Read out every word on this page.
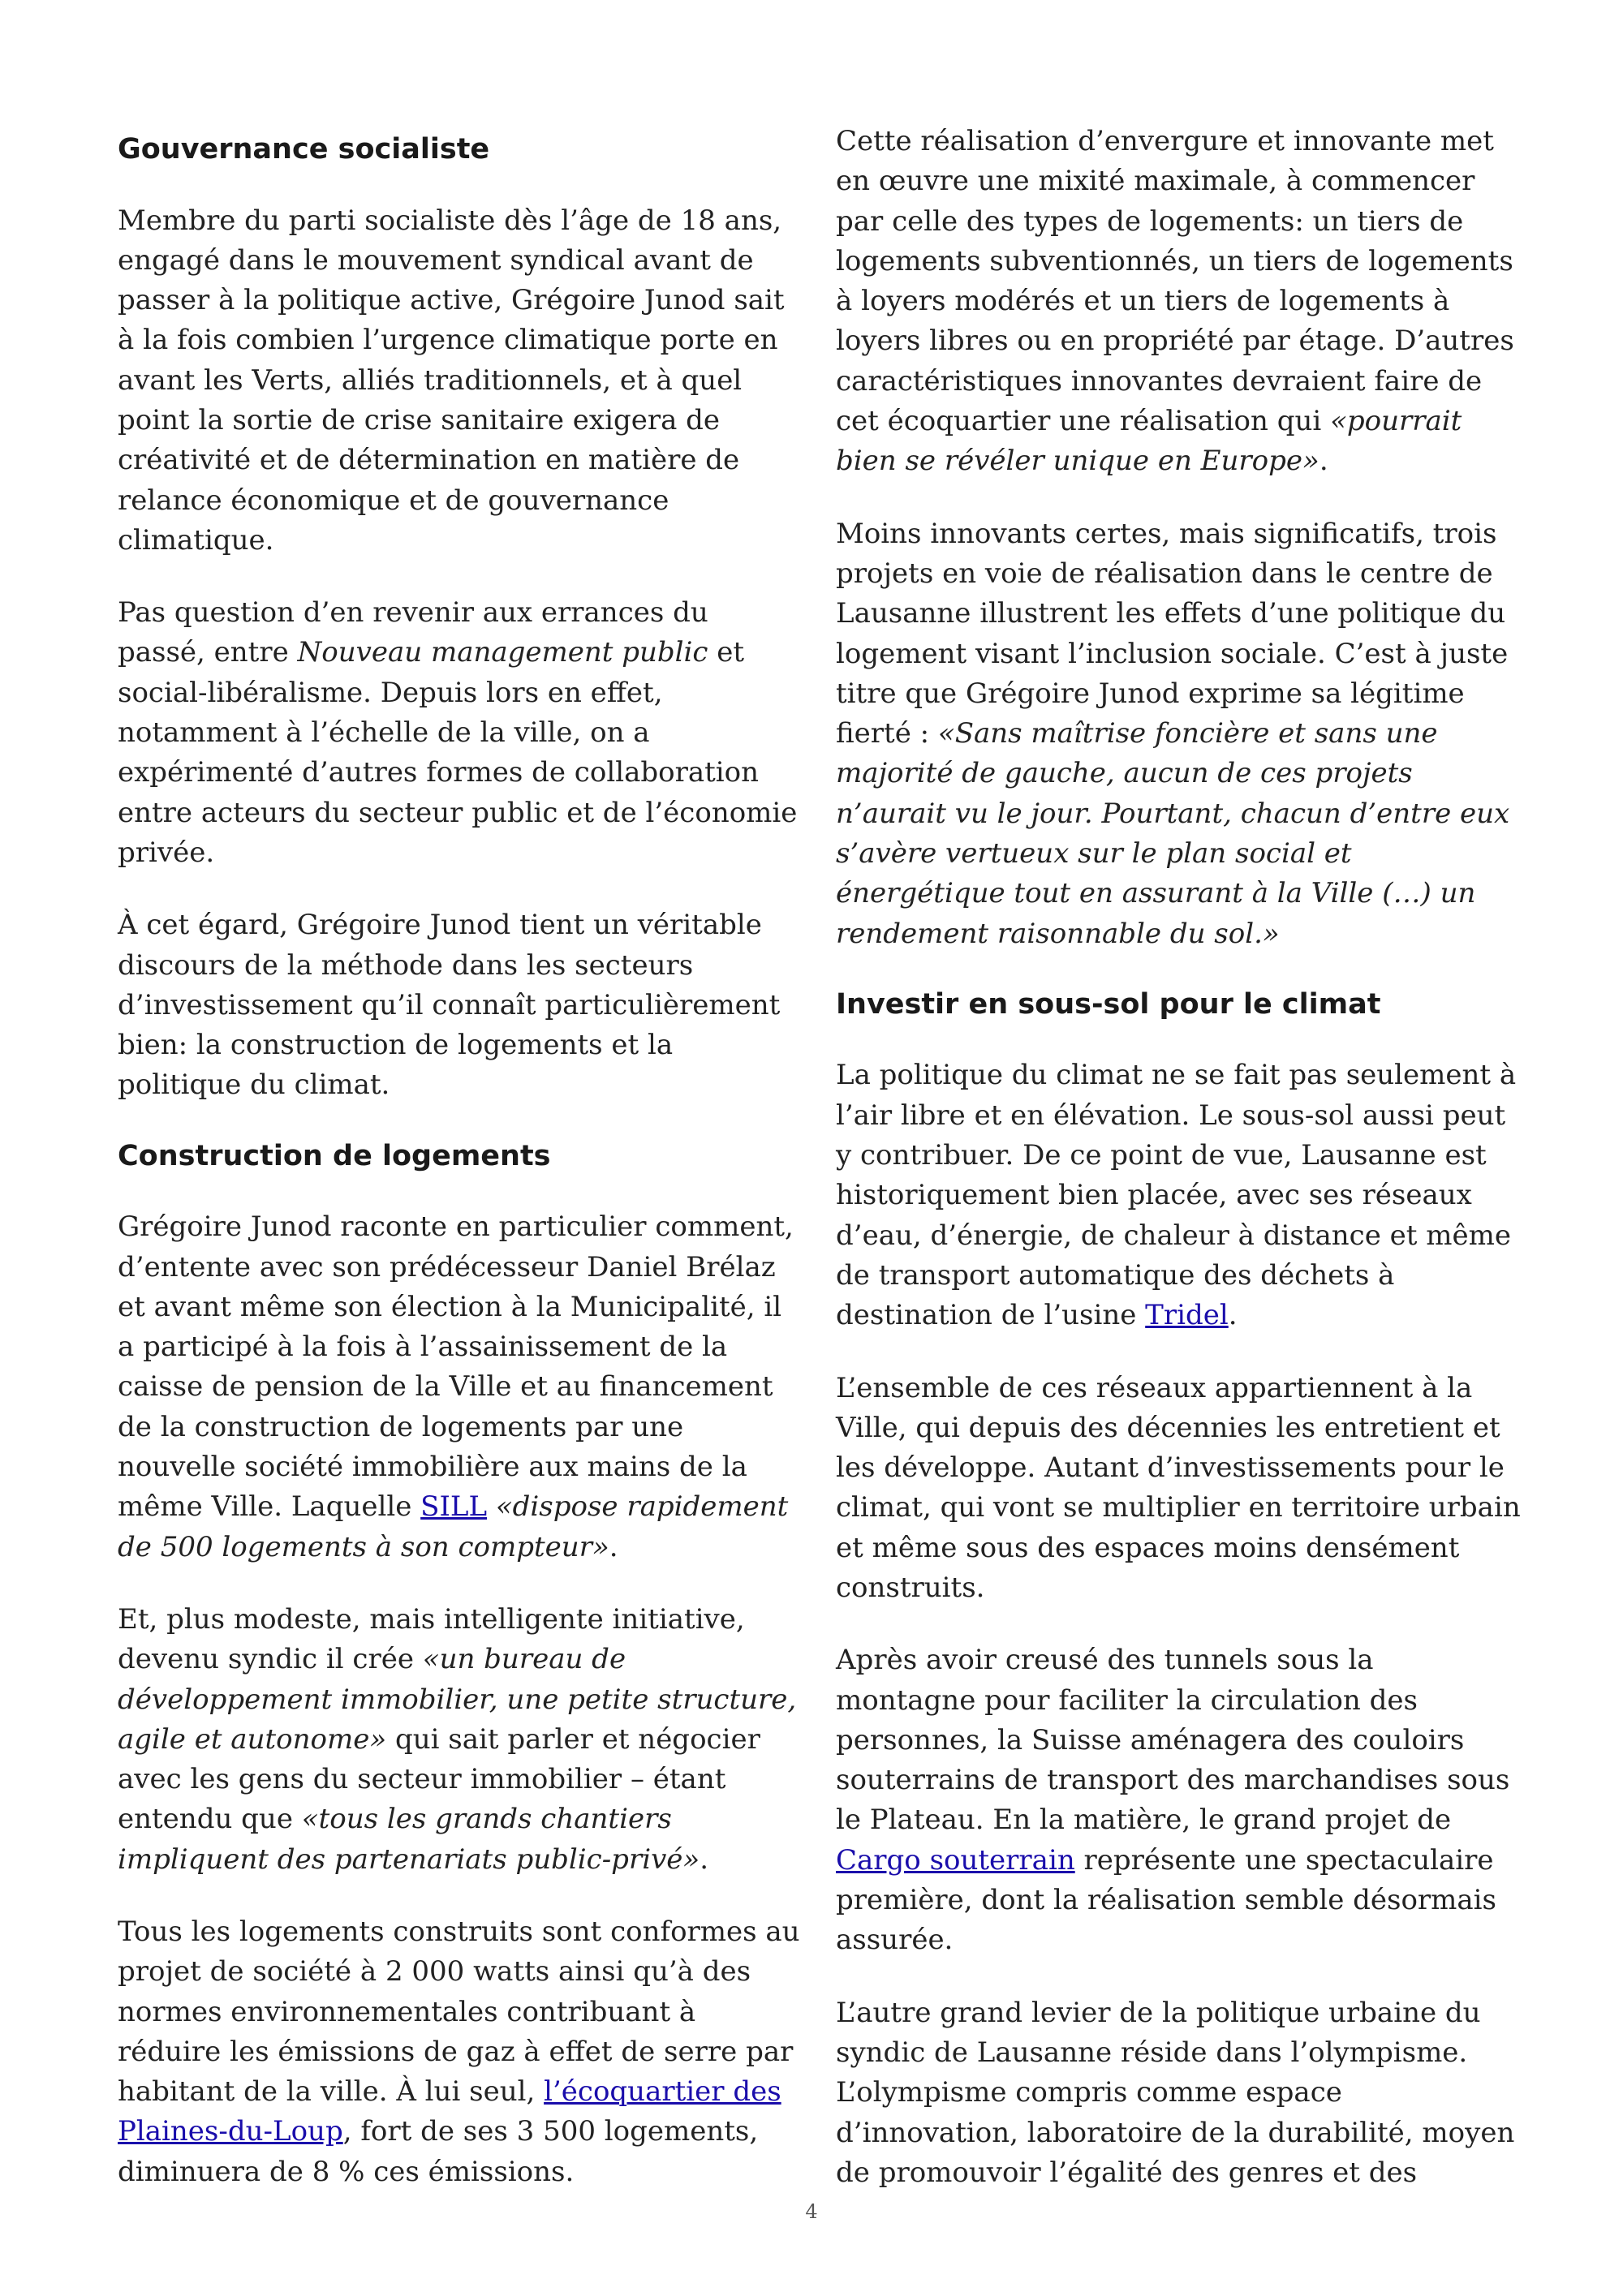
Gouvernance socialiste

Membre du parti socialiste dès l’âge de 18 ans, engagé dans le mouvement syndical avant de passer à la politique active, Grégoire Junod sait à la fois combien l’urgence climatique porte en avant les Verts, alliés traditionnels, et à quel point la sortie de crise sanitaire exigera de créativité et de détermination en matière de relance économique et de gouvernance climatique.

Pas question d’en revenir aux errances du passé, entre Nouveau management public et social-libéralisme. Depuis lors en effet, notamment à l’échelle de la ville, on a expérimenté d’autres formes de collaboration entre acteurs du secteur public et de l’économie privée.

À cet égard, Grégoire Junod tient un véritable discours de la méthode dans les secteurs d’investissement qu’il connaît particulièrement bien: la construction de logements et la politique du climat.

Construction de logements

Grégoire Junod raconte en particulier comment, d’entente avec son prédécesseur Daniel Brélaz et avant même son élection à la Municipalité, il a participé à la fois à l’assainissement de la caisse de pension de la Ville et au financement de la construction de logements par une nouvelle société immobilière aux mains de la même Ville. Laquelle SILL «dispose rapidement de 500 logements à son compteur».

Et, plus modeste, mais intelligente initiative, devenu syndic il crée «un bureau de développement immobilier, une petite structure, agile et autonome» qui sait parler et négocier avec les gens du secteur immobilier – étant entendu que «tous les grands chantiers impliquent des partenariats public-privé».

Tous les logements construits sont conformes au projet de société à 2 000 watts ainsi qu’à des normes environnementales contribuant à réduire les émissions de gaz à effet de serre par habitant de la ville. À lui seul, l’écoquartier des Plaines-du-Loup, fort de ses 3 500 logements, diminuera de 8 % ces émissions.

Cette réalisation d’envergure et innovante met en œuvre une mixité maximale, à commencer par celle des types de logements: un tiers de logements subventionnés, un tiers de logements à loyers modérés et un tiers de logements à loyers libres ou en propriété par étage. D’autres caractéristiques innovantes devraient faire de cet écoquartier une réalisation qui «pourrait bien se révéler unique en Europe».

Moins innovants certes, mais significatifs, trois projets en voie de réalisation dans le centre de Lausanne illustrent les effets d’une politique du logement visant l’inclusion sociale. C’est à juste titre que Grégoire Junod exprime sa légitime fierté : «Sans maîtrise foncière et sans une majorité de gauche, aucun de ces projets n’aurait vu le jour. Pourtant, chacun d’entre eux s’avère vertueux sur le plan social et énergétique tout en assurant à la Ville (…) un rendement raisonnable du sol.»

Investir en sous-sol pour le climat

La politique du climat ne se fait pas seulement à l’air libre et en élévation. Le sous-sol aussi peut y contribuer. De ce point de vue, Lausanne est historiquement bien placée, avec ses réseaux d’eau, d’énergie, de chaleur à distance et même de transport automatique des déchets à destination de l’usine Tridel.

L’ensemble de ces réseaux appartiennent à la Ville, qui depuis des décennies les entretient et les développe. Autant d’investissements pour le climat, qui vont se multiplier en territoire urbain et même sous des espaces moins densément construits.

Après avoir creusé des tunnels sous la montagne pour faciliter la circulation des personnes, la Suisse aménagera des couloirs souterrains de transport des marchandises sous le Plateau. En la matière, le grand projet de Cargo souterrain représente une spectaculaire première, dont la réalisation semble désormais assurée.

L’autre grand levier de la politique urbaine du syndic de Lausanne réside dans l’olympisme. L’olympisme compris comme espace d’innovation, laboratoire de la durabilité, moyen de promouvoir l’égalité des genres et des

4
